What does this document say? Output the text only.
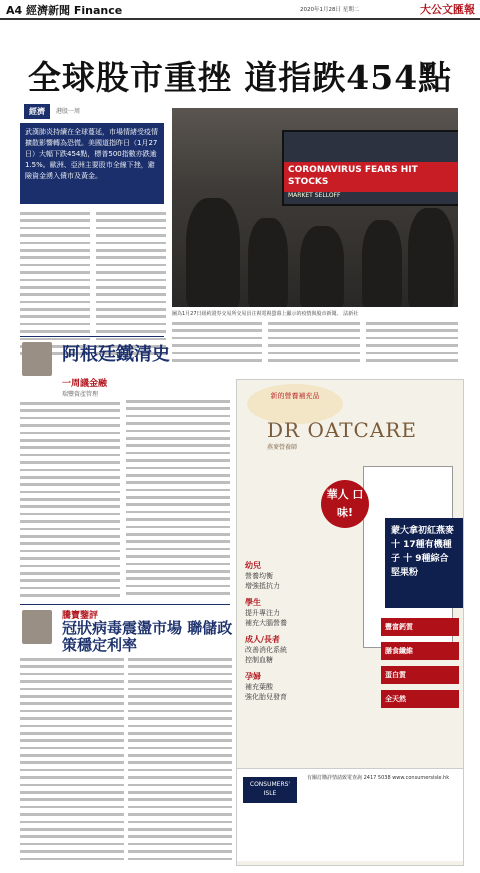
A4 經濟新聞 Finance	2020年1月28日 星期二	大公文匯報
全球股市重挫 道指跌454點
經濟	港股一周
武漢肺炎持續在全球蔓延，市場情緒受疫情擴散影響轉為恐慌。美國道指昨日（1月27日）大幅下跌454點，標普500指數亦跌逾1.5%。歐洲、亞洲主要股市全線下挫，避險資金湧入債市及黃金。
CORONAVIRUS FEARS HIT STOCKS
MARKET SELLOFF
圖為1月27日紐約證券交易所交易員注視電視螢幕上顯示的疫情與股市新聞。 法新社
阿根廷鐵清史
一周議金融
瑞豐資產管理
騰寶鑒評
冠狀病毒震盪市場 聯儲政策穩定利率
新的營養補充品
DR OATCARE
燕麥營養師
華人 口味!
蒙大拿初紅燕麥 十 17種有機種子 十 9種綜合堅果粉
幼兒
營養均衡
增強抵抗力
學生
提升專注力
補充大腦營養
成人/長者
改善消化系統
控制血糖
孕婦
補充葉酸
強化胎兒發育
豐富鈣質
膳食纖維
蛋白質
全天然
CONSUMERS' ISLE
有關訂購詳情請致電查詢 2417 5038 www.consumersisle.hk
